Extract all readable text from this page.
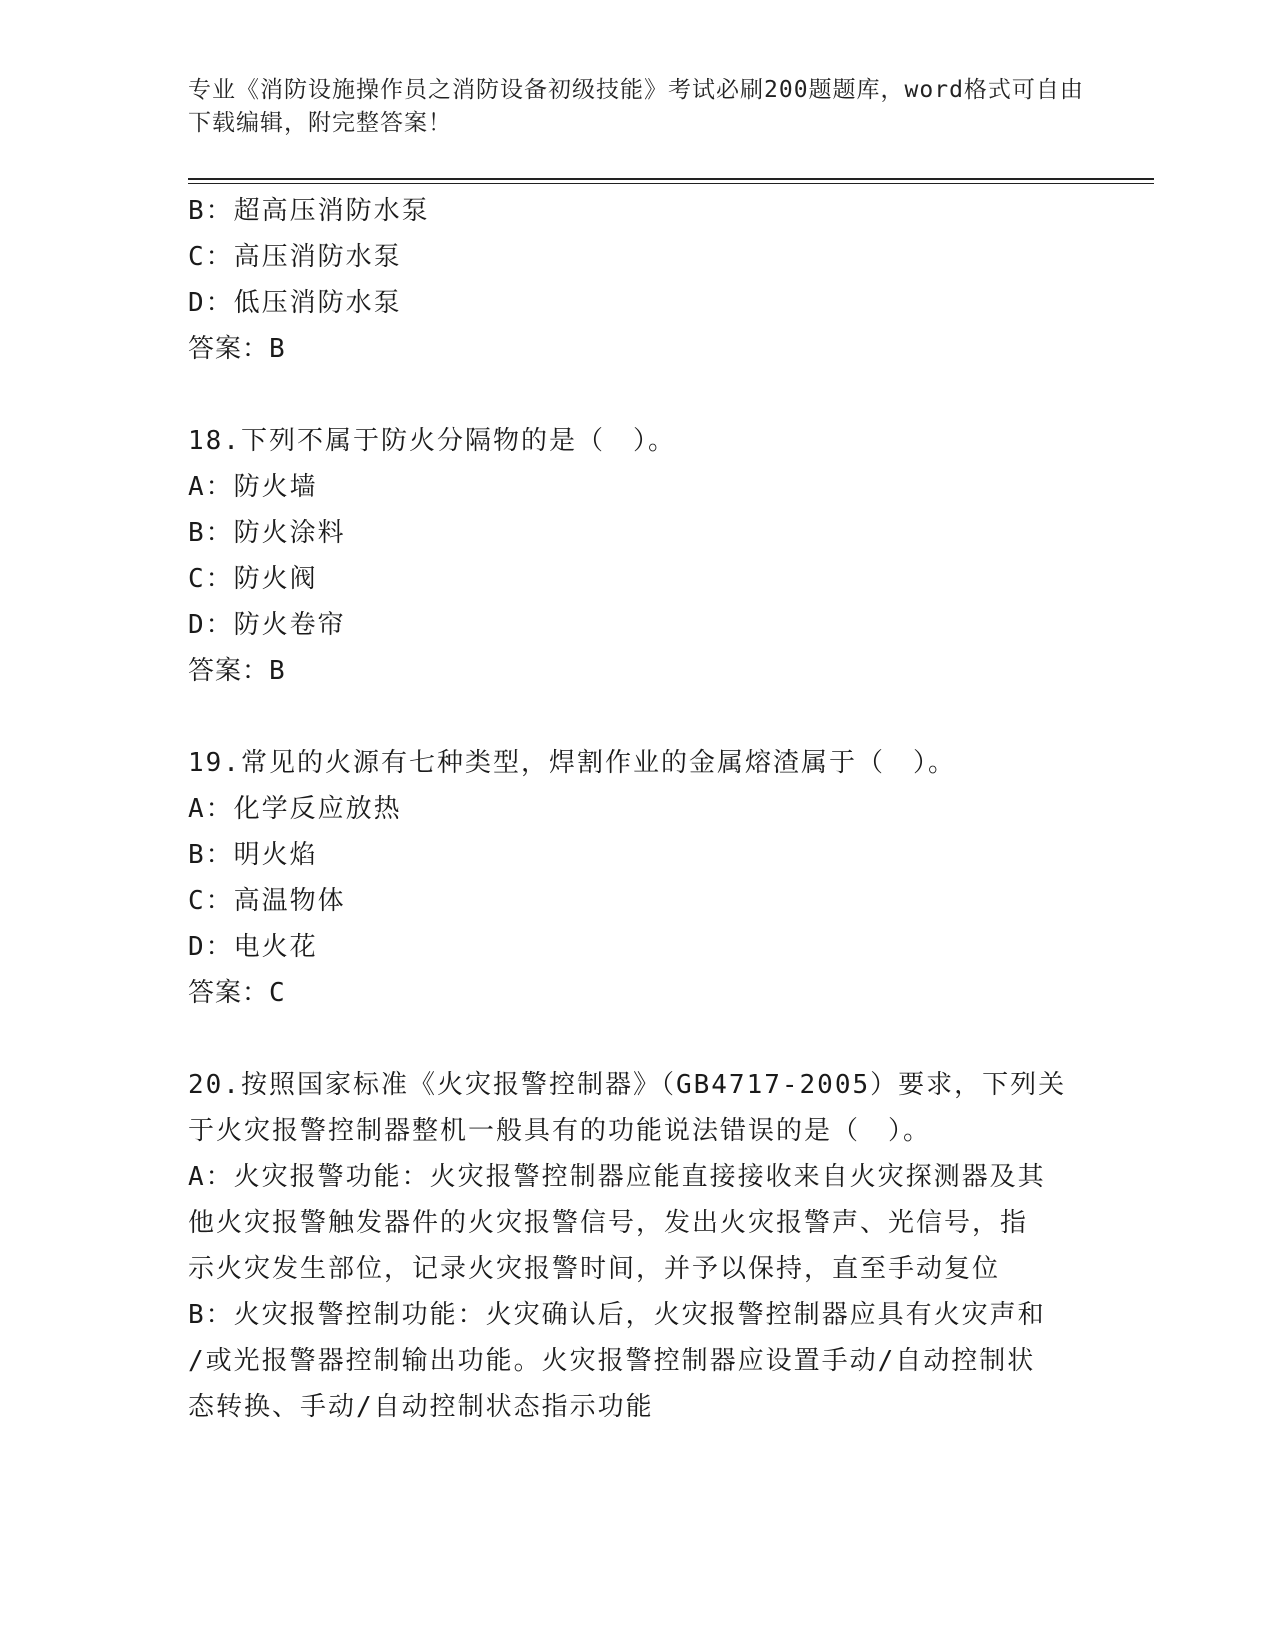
专业《消防设施操作员之消防设备初级技能》考试必刷200题题库，word格式可自由下载编辑，附完整答案！
B：超高压消防水泵
C：高压消防水泵
D：低压消防水泵
答案：B
18.下列不属于防火分隔物的是（　）。
A：防火墙
B：防火涂料
C：防火阀
D：防火卷帘
答案：B
19.常见的火源有七种类型，焊割作业的金属熔渣属于（　）。
A：化学反应放热
B：明火焰
C：高温物体
D：电火花
答案：C
20.按照国家标准《火灾报警控制器》（GB4717-2005）要求，下列关
于火灾报警控制器整机一般具有的功能说法错误的是（　）。
A：火灾报警功能：火灾报警控制器应能直接接收来自火灾探测器及其
他火灾报警触发器件的火灾报警信号，发出火灾报警声、光信号，指
示火灾发生部位，记录火灾报警时间，并予以保持，直至手动复位
B：火灾报警控制功能：火灾确认后，火灾报警控制器应具有火灾声和
/或光报警器控制输出功能。火灾报警控制器应设置手动/自动控制状
态转换、手动/自动控制状态指示功能
